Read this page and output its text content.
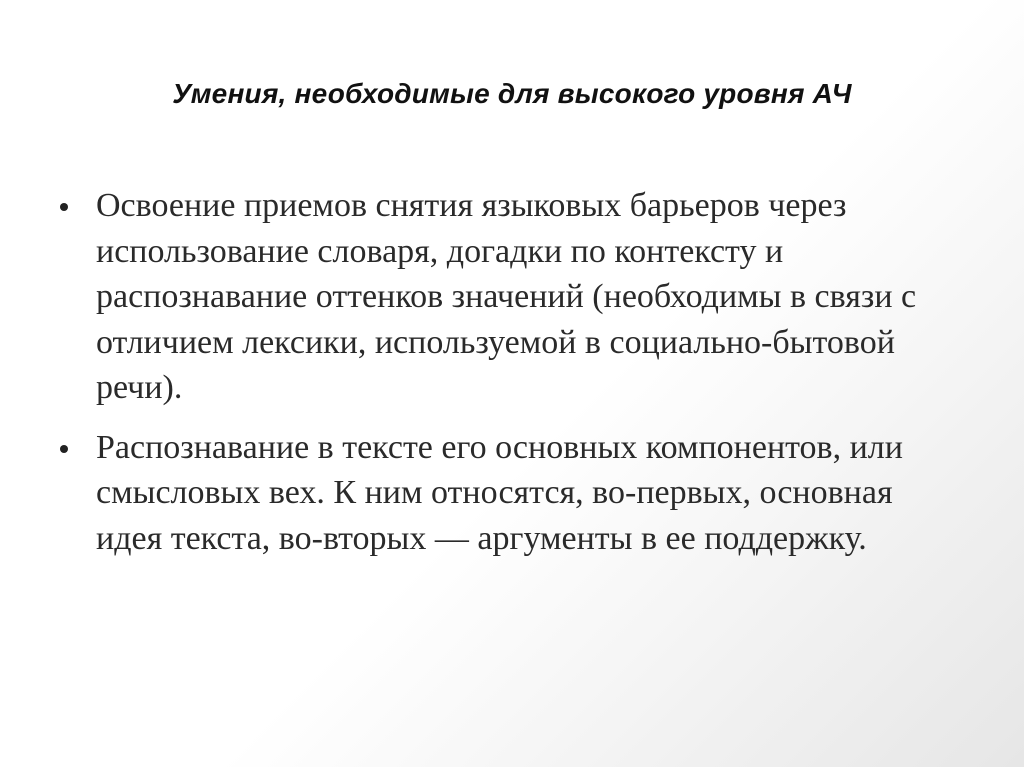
Умения, необходимые для высокого уровня АЧ
Освоение приемов снятия языковых барьеров через использование словаря, догадки по контексту и распознавание оттенков значений (необходимы в связи с отличием лексики, используемой в социально-бытовой речи).
Распознавание в тексте его основных компонентов, или смысловых вех. К ним относятся, во-первых, основная идея текста, во-вторых — аргументы в ее поддержку.
